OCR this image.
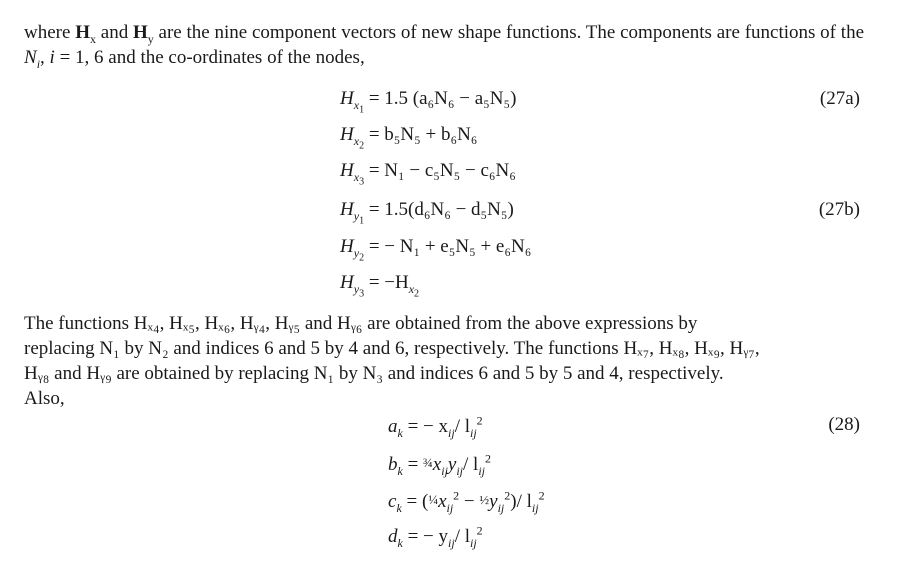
where $H_x$ and $H_y$ are the nine component vectors of new shape functions. The components are functions of the $N_i$, i = 1, 6 and the co-ordinates of the nodes,
$H_{x_1} = 1.5$ (a₆N₆ − a₅N₅)	(27a)
$H_{x_2} = b_5N_5 + b_6N_6$
$H_{x_3} = N_1 - c_5N_5 - c_6N_6$
$H_{y_1} = 1.5(d_6N_6 - d_5N_5)$	(27b)
$H_{y_2}$ = − N₁ + e₅N₅ + e₆N₆
$H_{y_3} = -H_{x_2}$
The functions Hₓ₄, Hₓ₅, Hₓ₆, Hᵧ₄, Hᵧ₅ and Hᵧ₆ are obtained from the above expressions by
replacing N₁ by N₂ and indices 6 and 5 by 4 and 6, respectively. The functions Hₓ₇, Hₓ₈, Hₓ₉, Hᵧ₇,
Hᵧ₈ and Hᵧ₉ are obtained by replacing N₁ by N₃ and indices 6 and 5 by 5 and 4, respectively.
Also,
(28)
$a_k$ = − $x_{ij}/$ $l_{ij}^2$
$b_k$ = $\frac{3}{4}x_{ij}y_{ij}/$ $l_{ij}^2$
$c_k$ = ($\frac{1}{4}x_{ij}^2$ − $\frac{1}{2}y_{ij}^2)/$ $l_{ij}^2$
$d_k$ = − $y_{ij}/$ $l_{ij}^2$
